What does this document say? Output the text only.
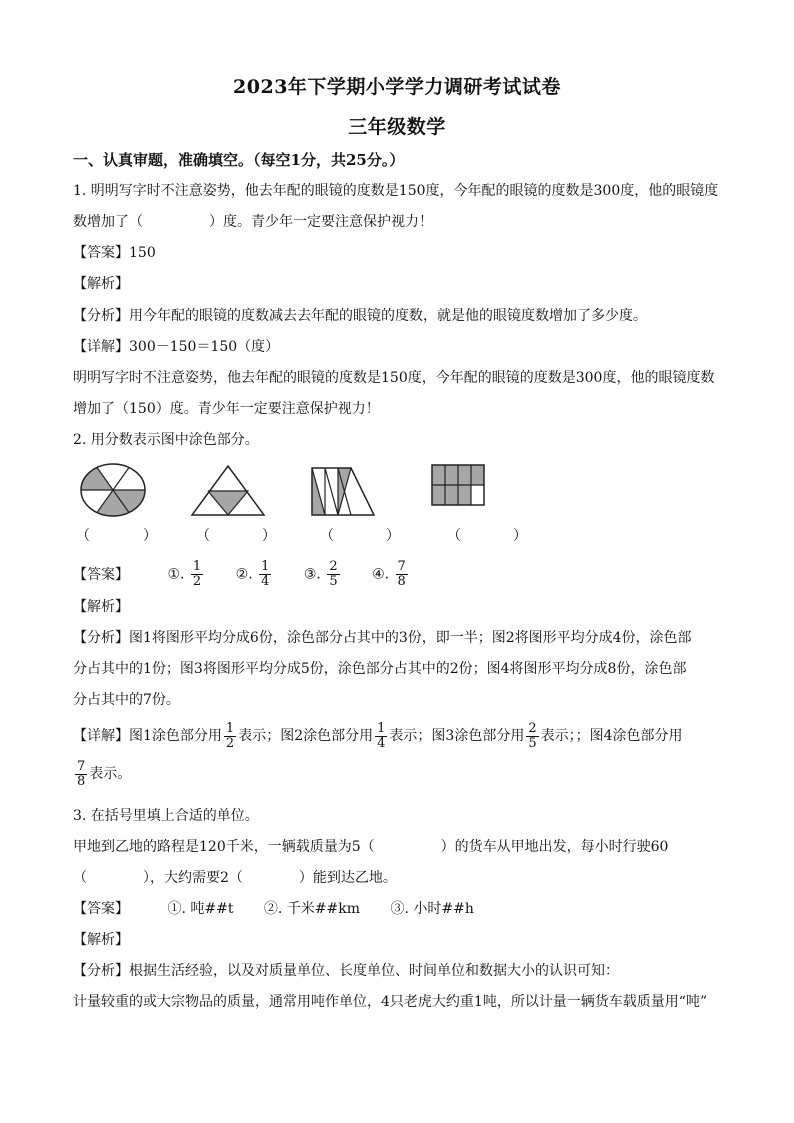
2023年下学期小学学力调研考试试卷
三年级数学
一、认真审题，准确填空。（每空1分，共25分。）
1. 明明写字时不注意姿势，他去年配的眼镜的度数是150度，今年配的眼镜的度数是300度，他的眼镜度
数增加了（	）度。青少年一定要注意保护视力！
【答案】150
【解析】
【分析】用今年配的眼镜的度数减去去年配的眼镜的度数，就是他的眼镜度数增加了多少度。
【详解】300－150＝150（度）
明明写字时不注意姿势，他去年配的眼镜的度数是150度，今年配的眼镜的度数是300度，他的眼镜度数
增加了（150）度。青少年一定要注意保护视力！
2. 用分数表示图中涂色部分。
（	）	（	）	（	）	（	）
【答案】	①. $\frac{1}{2}$ ②. $\frac{1}{4}$ ③. $\frac{2}{5}$ ④. $\frac{7}{8}$
【解析】
【分析】图1将图形平均分成6份，涂色部分占其中的3份，即一半；图2将图形平均分成4份，涂色部
分占其中的1份；图3将图形平均分成5份，涂色部分占其中的2份；图4将图形平均分成8份，涂色部
分占其中的7份。
【详解】图1涂色部分用 $\frac{1}{2}$ 表示；图2涂色部分用 $\frac{1}{4}$ 表示；图3涂色部分用 $\frac{2}{5}$ 表示；；图4涂色部分用
$\frac{7}{8}$ 表示。
3. 在括号里填上合适的单位。
甲地到乙地的路程是120千米，一辆载质量为5（	）的货车从甲地出发，每小时行驶60
（	），大约需要2（	）能到达乙地。
【答案】	①. 吨##t ②. 千米##km ③. 小时##h
【解析】
【分析】根据生活经验，以及对质量单位、长度单位、时间单位和数据大小的认识可知：
计量较重的或大宗物品的质量，通常用吨作单位，4只老虎大约重1吨，所以计量一辆货车载质量用“吨”
